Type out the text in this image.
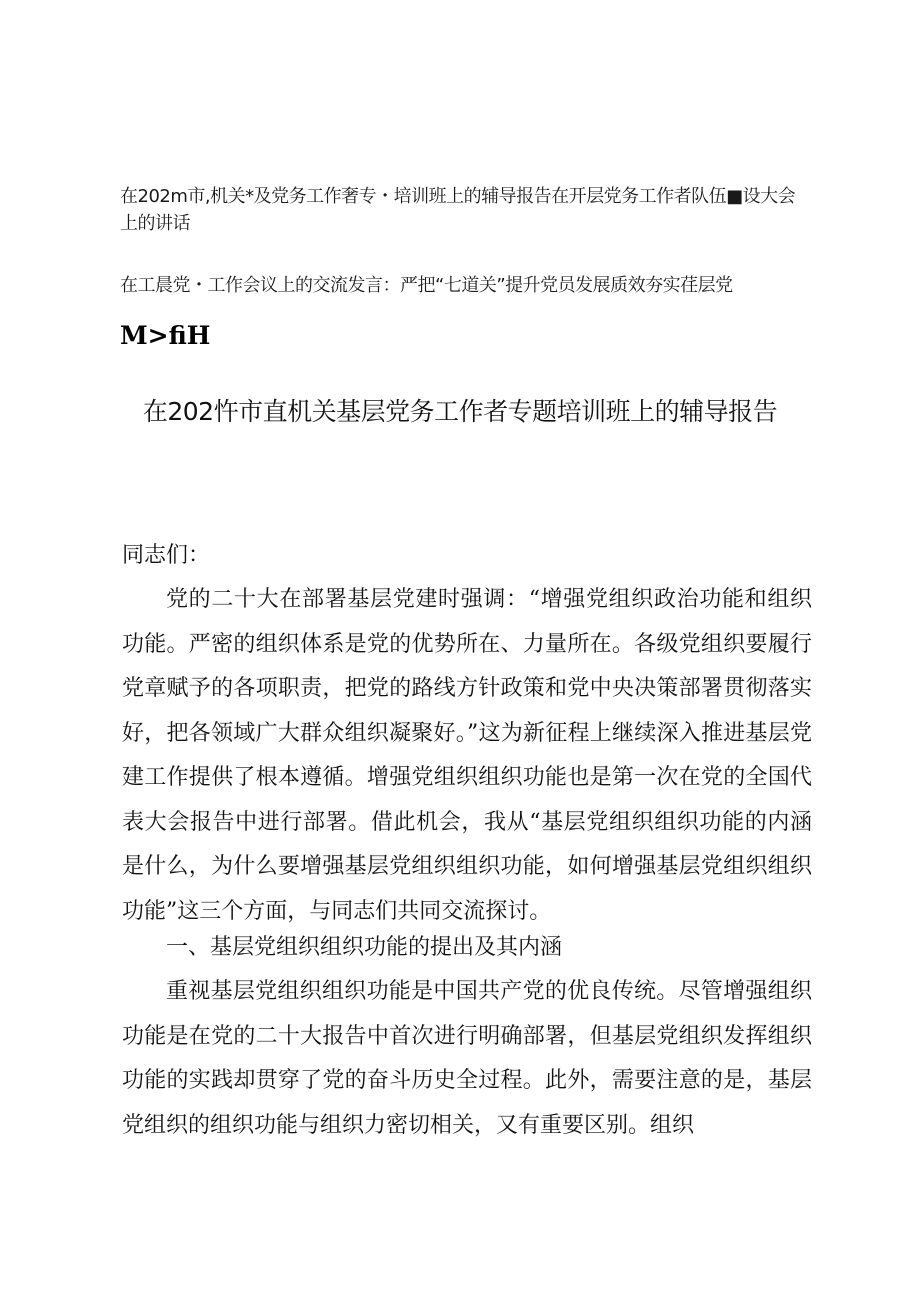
在202m市,机关*及党务工作奢专・培训班上的辅导报告在开层党务工作者队伍■设大会上的讲话
在工晨党・工作会议上的交流发言：严把“七道关”提升党员发展质效夯实荏层党
M>fiH
在202忤市直机关基层党务工作者专题培训班上的辅导报告
同志们：
党的二十大在部署基层党建时强调：“增强党组织政治功能和组织功能。严密的组织体系是党的优势所在、力量所在。各级党组织要履行党章赋予的各项职责，把党的路线方针政策和党中央决策部署贯彻落实好，把各领域广大群众组织凝聚好。”这为新征程上继续深入推进基层党建工作提供了根本遵循。增强党组织组织功能也是第一次在党的全国代表大会报告中进行部署。借此机会，我从“基层党组织组织功能的内涵是什么，为什么要增强基层党组织组织功能，如何增强基层党组织组织功能”这三个方面，与同志们共同交流探讨。
一、基层党组织组织功能的提出及其内涵
重视基层党组织组织功能是中国共产党的优良传统。尽管增强组织功能是在党的二十大报告中首次进行明确部署，但基层党组织发挥组织功能的实践却贯穿了党的奋斗历史全过程。此外，需要注意的是，基层党组织的组织功能与组织力密切相关，又有重要区别。组织
